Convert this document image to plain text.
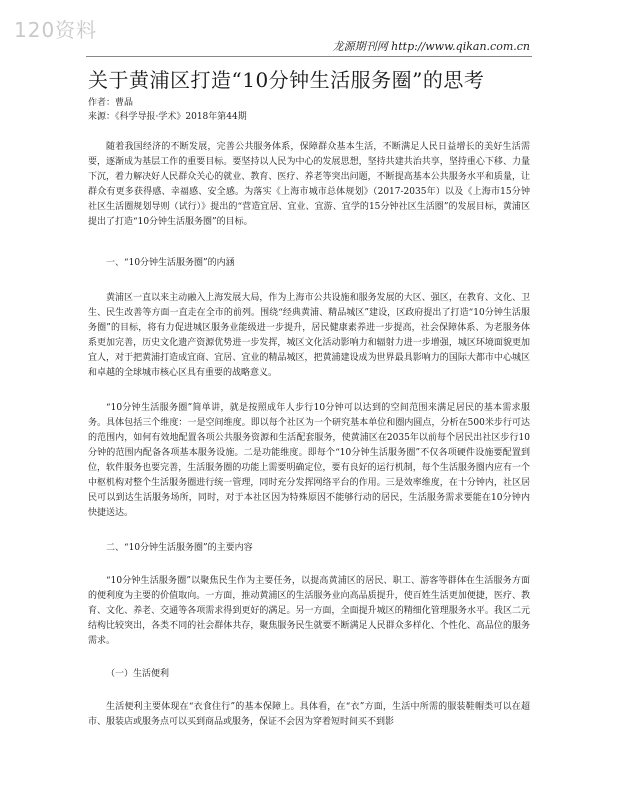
120资料
龙源期刊网 http://www.qikan.com.cn
关于黄浦区打造“10分钟生活服务圈”的思考
作者：曹晶
来源：《科学导报·学术》2018年第44期

随着我国经济的不断发展，完善公共服务体系，保障群众基本生活，不断满足人民日益增长的美好生活需要，逐渐成为基层工作的重要目标。要坚持以人民为中心的发展思想，坚持共建共治共享，坚持重心下移、力量下沉，着力解决好人民群众关心的就业、教育、医疗、养老等突出问题，不断提高基本公共服务水平和质量，让群众有更多获得感、幸福感、安全感。为落实《上海市城市总体规划》（2017-2035年）以及《上海市15分钟社区生活圈规划导则（试行）》提出的“营造宜居、宜业、宜游、宜学的15分钟社区生活圈”的发展目标，黄浦区提出了打造“10分钟生活服务圈”的目标。

一、“10分钟生活服务圈”的内涵

黄浦区一直以来主动融入上海发展大局，作为上海市公共设施和服务发展的大区、强区，在教育、文化、卫生、民生改善等方面一直走在全市的前列。围绕“经典黄浦、精品城区”建设，区政府提出了打造“10分钟生活服务圈”的目标，将有力促进城区服务业能级进一步提升，居民健康素养进一步提高，社会保障体系、为老服务体系更加完善，历史文化遗产资源优势进一步发挥，城区文化活动影响力和辐射力进一步增强，城区环境面貌更加宜人，对于把黄浦打造成宜商、宜居、宜业的精品城区，把黄浦建设成为世界最具影响力的国际大都市中心城区和卓越的全球城市核心区具有重要的战略意义。

“10分钟生活服务圈”简单讲，就是按照成年人步行10分钟可以达到的空间范围来满足居民的基本需求服务。具体包括三个维度：一是空间维度。即以每个社区为一个研究基本单位和圈内圆点，分析在500米步行可达的范围内，如何有效地配置各项公共服务资源和生活配套服务，使黄浦区在2035年以前每个居民出社区步行10分钟的范围内配备各项基本服务设施。二是功能维度。即每个“10分钟生活服务圈”不仅各项硬件设施要配置到位，软件服务也要完善，生活服务圈的功能上需要明确定位，要有良好的运行机制，每个生活服务圈内应有一个中枢机构对整个生活服务圈进行统一管理，同时充分发挥网络平台的作用。三是效率维度，在十分钟内，社区居民可以到达生活服务场所，同时，对于本社区因为特殊原因不能够行动的居民，生活服务需求要能在10分钟内快捷送达。

二、“10分钟生活服务圈”的主要内容

“10分钟生活服务圈”以聚焦民生作为主要任务，以提高黄浦区的居民、职工、游客等群体在生活服务方面的便利度为主要的价值取向。一方面，推动黄浦区的生活服务业向高品质提升，使百姓生活更加便捷，医疗、教育、文化、养老、交通等各项需求得到更好的满足。另一方面，全面提升城区的精细化管理服务水平。我区二元结构比较突出，各类不同的社会群体共存，聚焦服务民生就要不断满足人民群众多样化、个性化、高品位的服务需求。

（一）生活便利

生活便利主要体现在“衣食住行”的基本保障上。具体看，在“衣”方面，生活中所需的服装鞋帽类可以在超市、服装店或服务点可以买到商品或服务，保证不会因为穿着短时间买不到影
